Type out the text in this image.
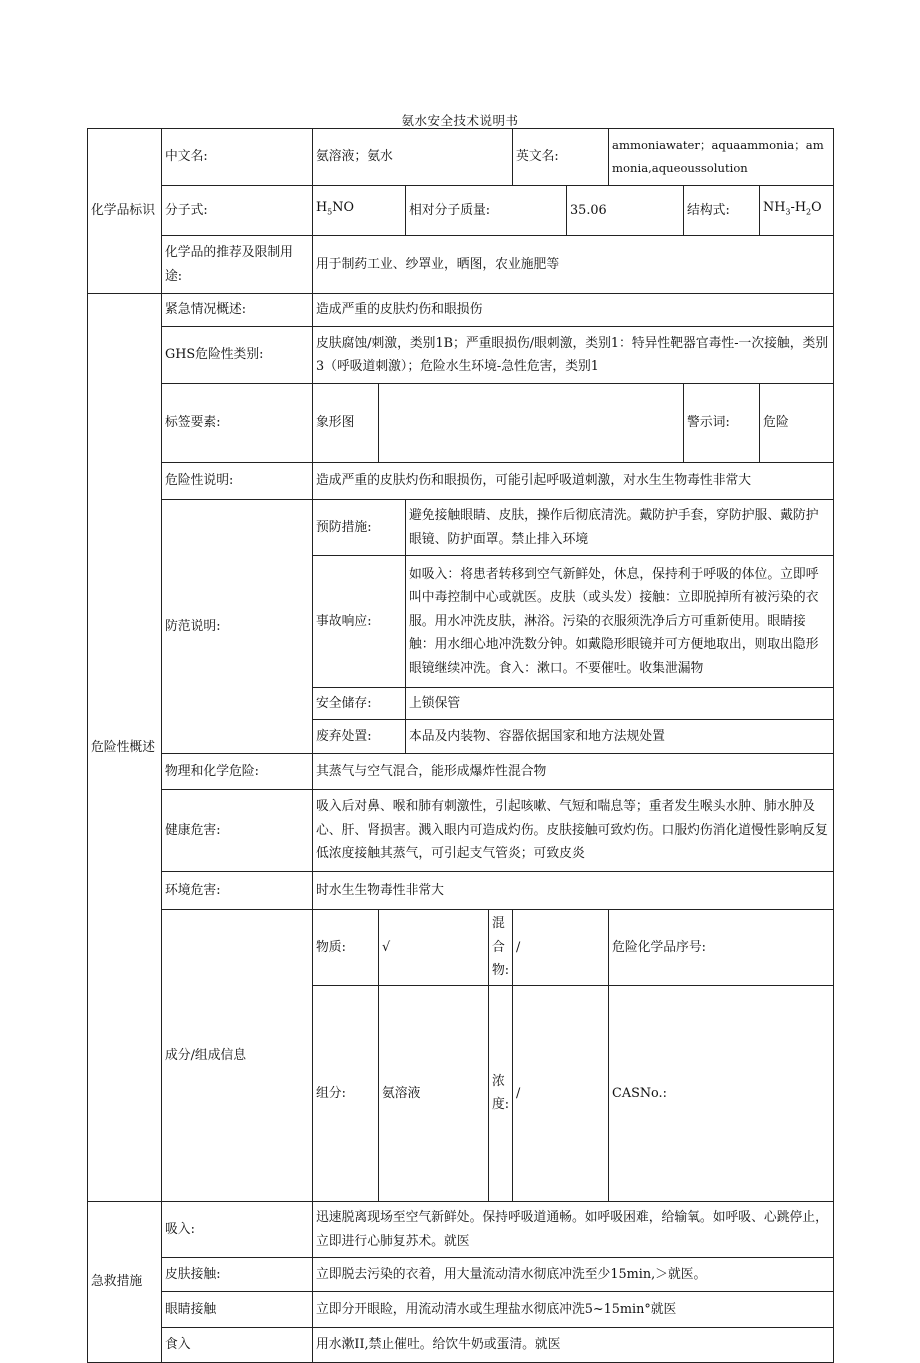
氨水安全技术说明书
化学品标识	中文名:	氨溶液；氨水				英文名:		ammoniawater；aquaammonia；ammonia,aqueoussolution			
	分子式:	$H_5NO$		相对分子质量:			35.06		结构式:	$NH_3-H_2O$	
	化学品的推荐及限制用途:	用于制药工业、纱罩业，晒图，农业施肥等									
危险性概述	紧急情况概述:	造成严重的皮肤灼伤和眼损伤									
	GHS危险性类别:	皮肤腐蚀/刺激，类别1B；严重眼损伤/眼刺激，类别1：特异性靶器官毒性-一次接触，类别3（呼吸道刺激）；危险水生环境-急性危害，类别1									
	标签要素:	象形图							警示词:	危险	
	危险性说明:	造成严重的皮肤灼伤和眼损伤，可能引起呼吸道刺激，对水生生物毒性非常大									
	防范说明:	预防措施:		避免接触眼睛、皮肤，操作后彻底清洗。戴防护手套，穿防护服、戴防护眼镜、防护面罩。禁止排入环境							
		事故响应:		如吸入：将患者转移到空气新鲜处，休息，保持利于呼吸的体位。立即呼叫中毒控制中心或就医。皮肤（或头发）接触：立即脱掉所有被污染的衣服。用水冲洗皮肤，淋浴。污染的衣服须洗净后方可重新使用。眼睛接触：用水细心地冲洗数分钟。如戴隐形眼镜并可方便地取出，则取出隐形眼镜继续冲洗。食入：漱口。不要催吐。收集泄漏物							
		安全储存:		上锁保管							
		废弃处置:		本品及内装物、容器依据国家和地方法规处置							
	物理和化学危险:	其蒸气与空气混合，能形成爆炸性混合物									
	健康危害:	吸入后对鼻、喉和肺有刺激性，引起咳嗽、气短和喘息等；重者发生喉头水肿、肺水肿及心、肝、肾损害。溅入眼内可造成灼伤。皮肤接触可致灼伤。口服灼伤消化道慢性影响反复低浓度接触其蒸气，可引起支气管炎；可致皮炎									
	环境危害:	时水生生物毒性非常大									
	成分/组成信息	物质:	√		混合物:	/		危险化学品序号:	
		组分:	氨溶液		浓度:	/		CASNo.:	
急救措施	吸入:	迅速脱离现场至空气新鲜处。保持呼吸道通畅。如呼吸困难，给输氧。如呼吸、心跳停止，立即进行心肺复苏术。就医									
	皮肤接触:	立即脱去污染的衣着，用大量流动清水彻底冲洗至少15min,＞就医。									
	眼睛接触	立即分开眼睑，用流动清水或生理盐水彻底冲洗5~15min°就医									
	食入	用水漱II,禁止催吐。给饮牛奶或蛋清。就医									
